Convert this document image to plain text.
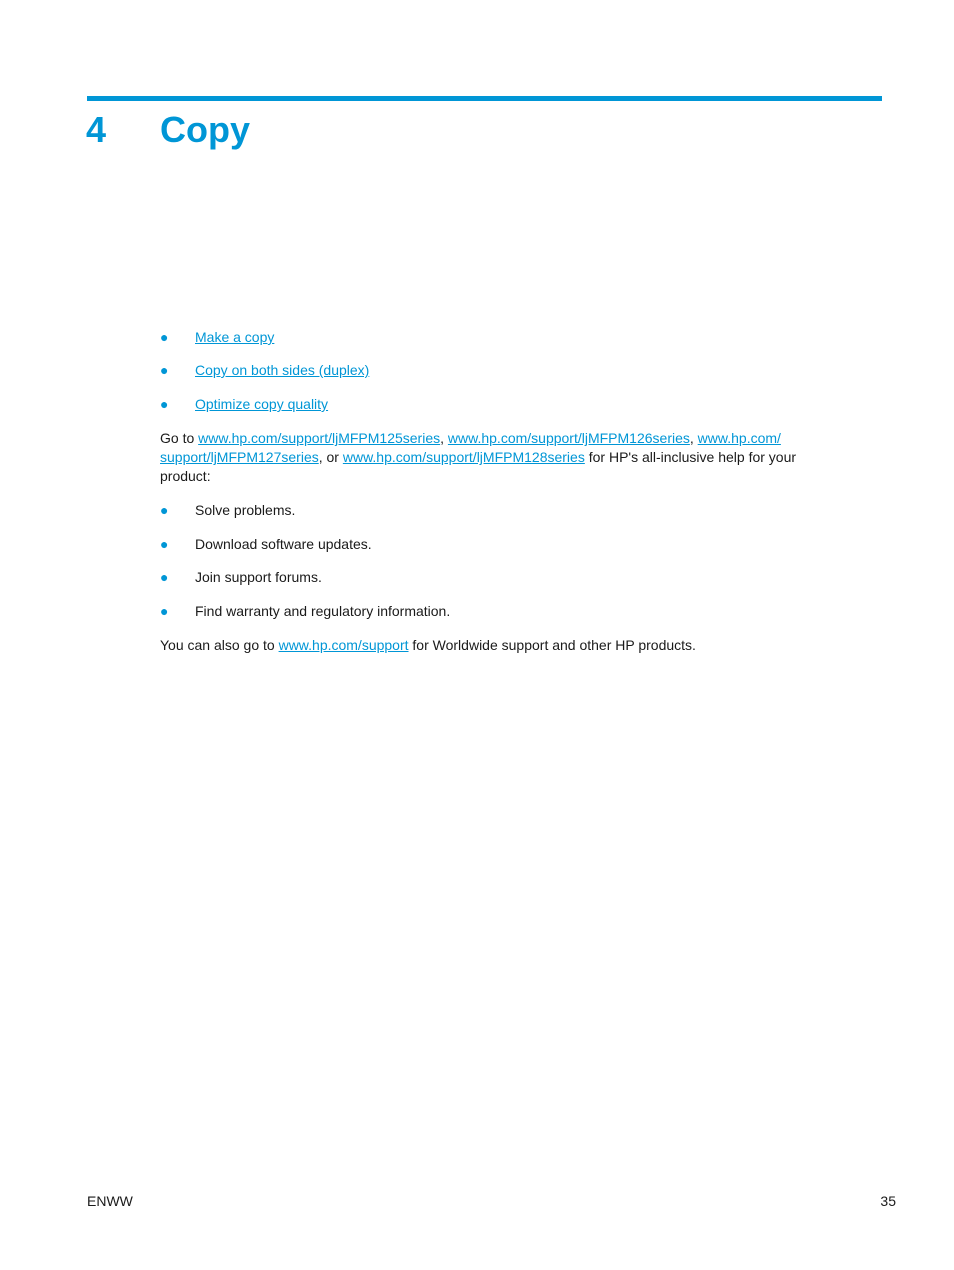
4 Copy
● Make a copy
● Copy on both sides (duplex)
● Optimize copy quality
Go to www.hp.com/support/ljMFPM125series, www.hp.com/support/ljMFPM126series, www.hp.com/
support/ljMFPM127series, or www.hp.com/support/ljMFPM128series for HP's all-inclusive help for your
product:
● Solve problems.
● Download software updates.
● Join support forums.
● Find warranty and regulatory information.
You can also go to www.hp.com/support for Worldwide support and other HP products.
ENWW	35
